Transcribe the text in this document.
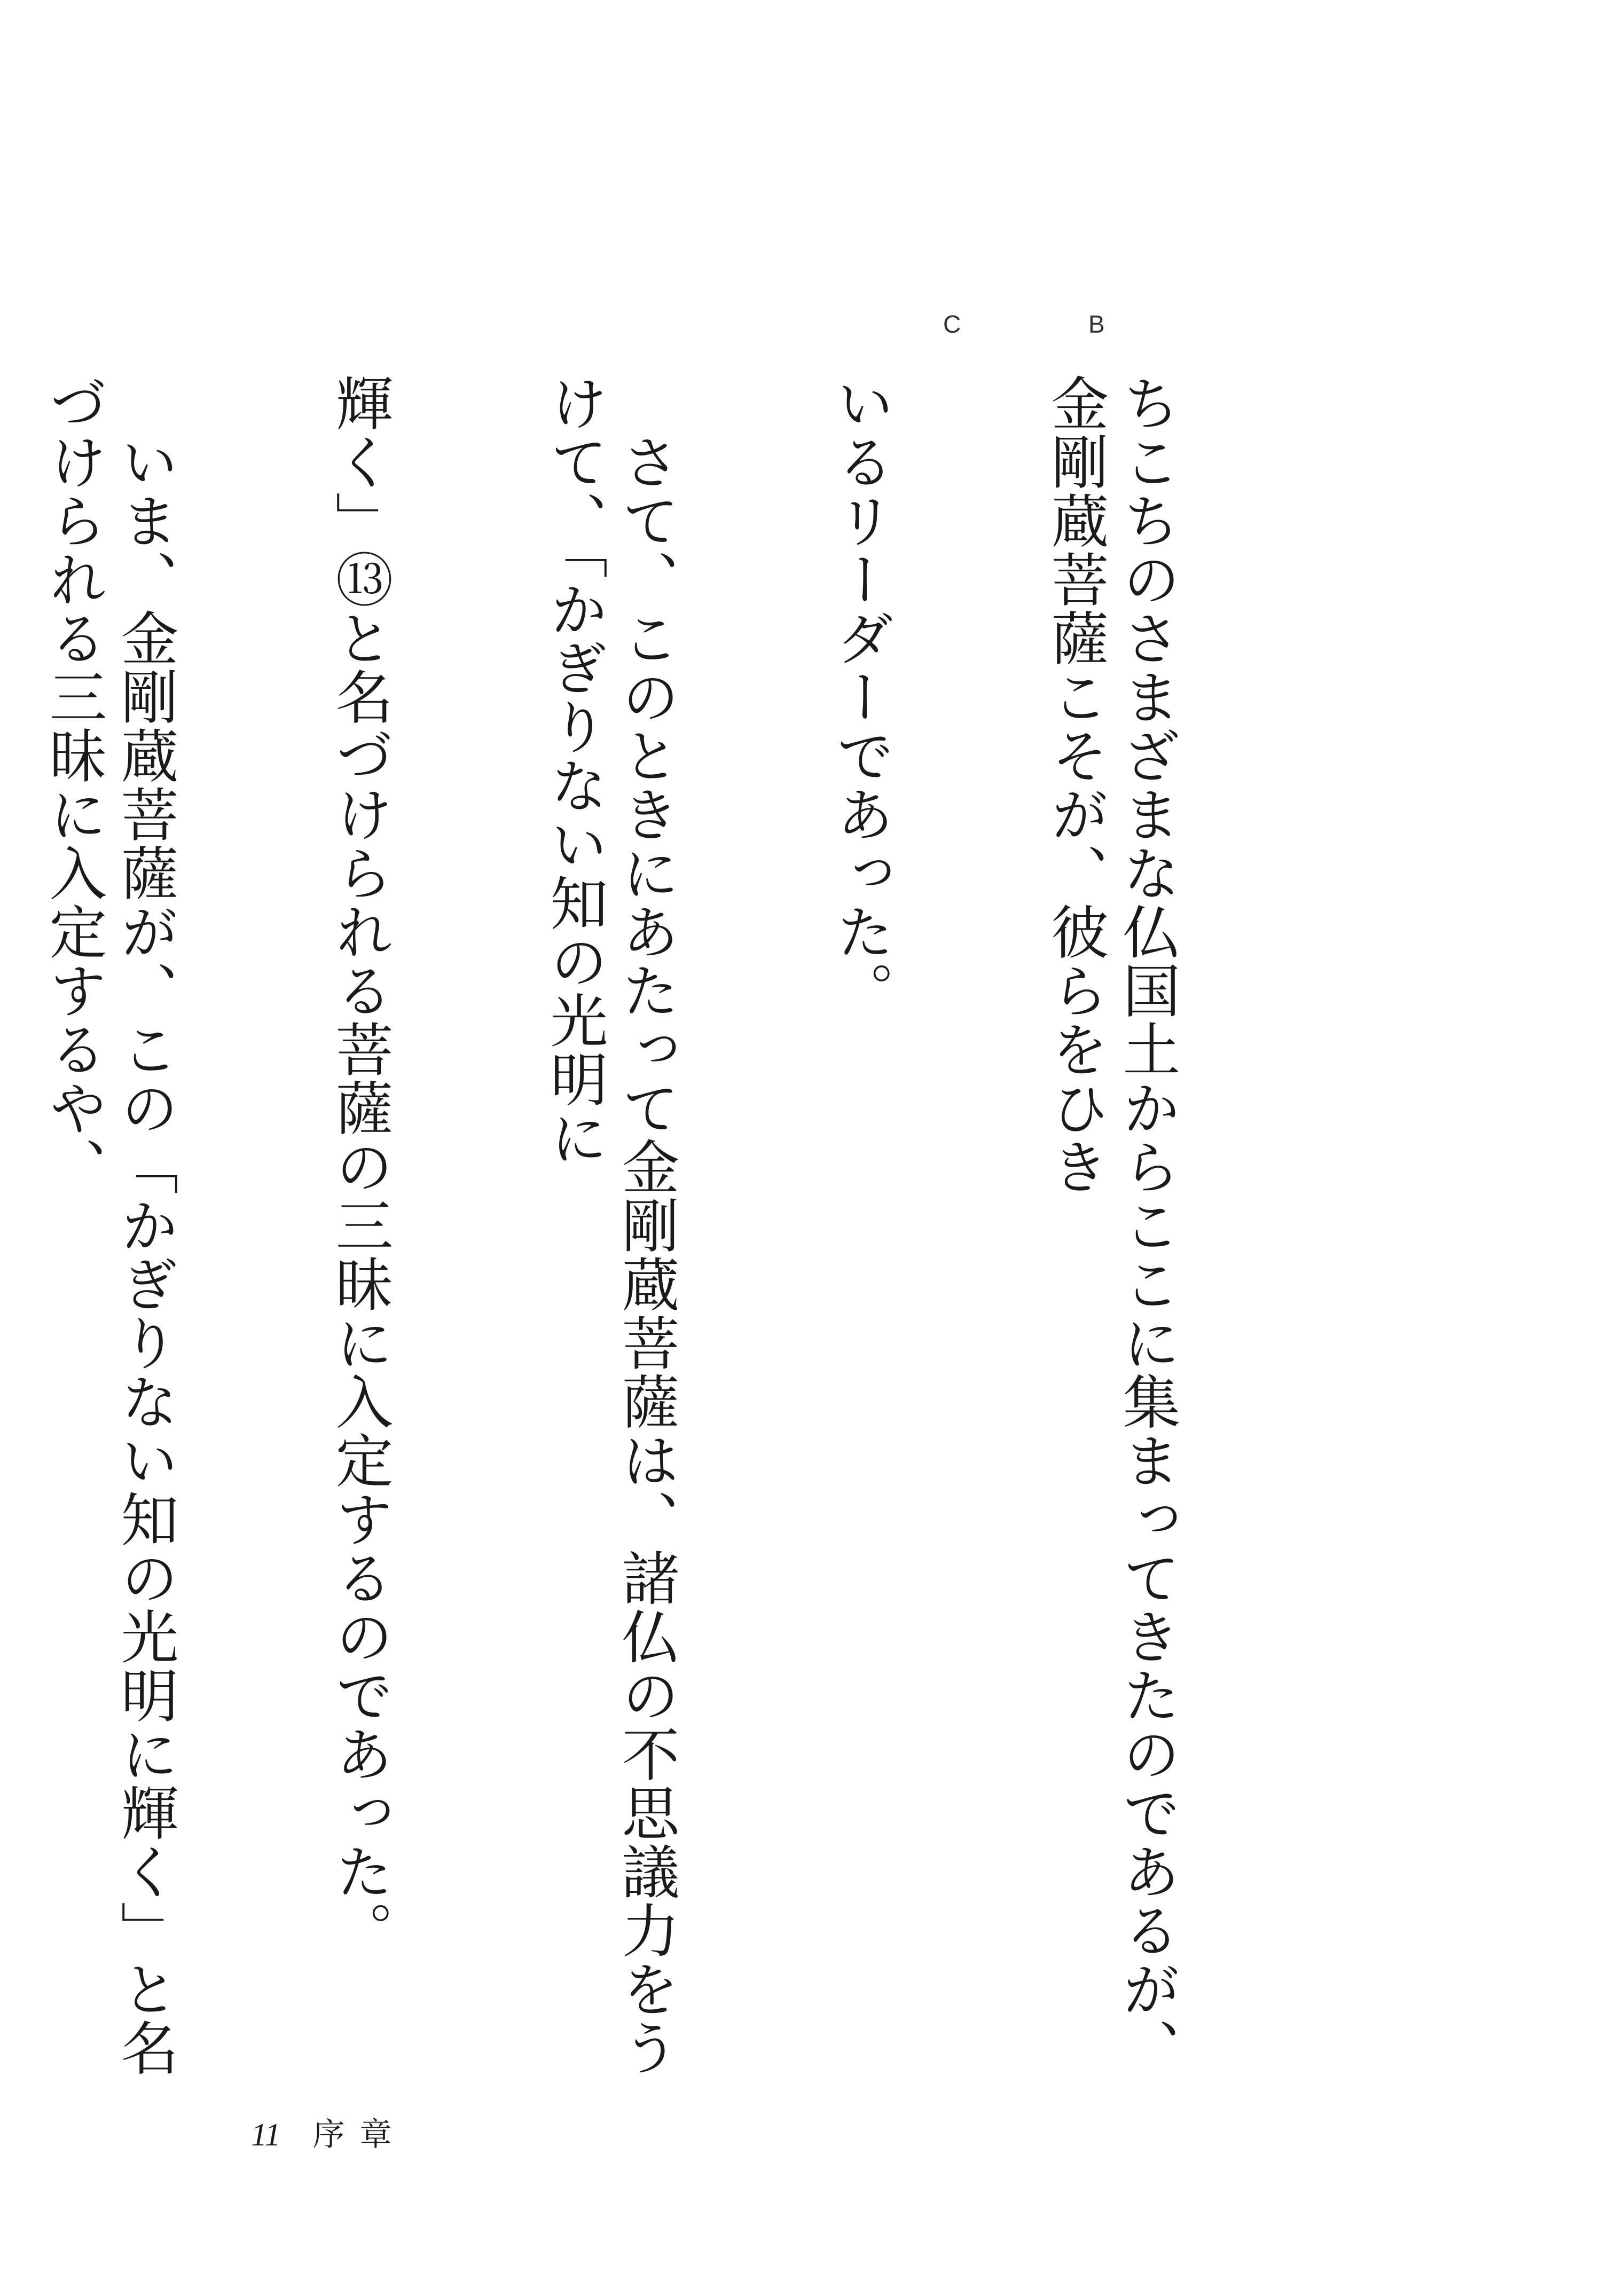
B
C

ちこちのさまざまな仏国土からここに集まってきたのであるが、金剛蔵菩薩こそが、彼らをひき

いるリーダーであった。

　さて、このときにあたって金剛蔵菩薩は、諸仏の不思議力をうけて、「かぎりない知の光明に

輝く」⑬と名づけられる菩薩の三昧に入定するのであった。

　いま、金剛蔵菩薩が、この「かぎりない知の光明に輝く」と名づけられる三昧に入定するや、

11 序章
